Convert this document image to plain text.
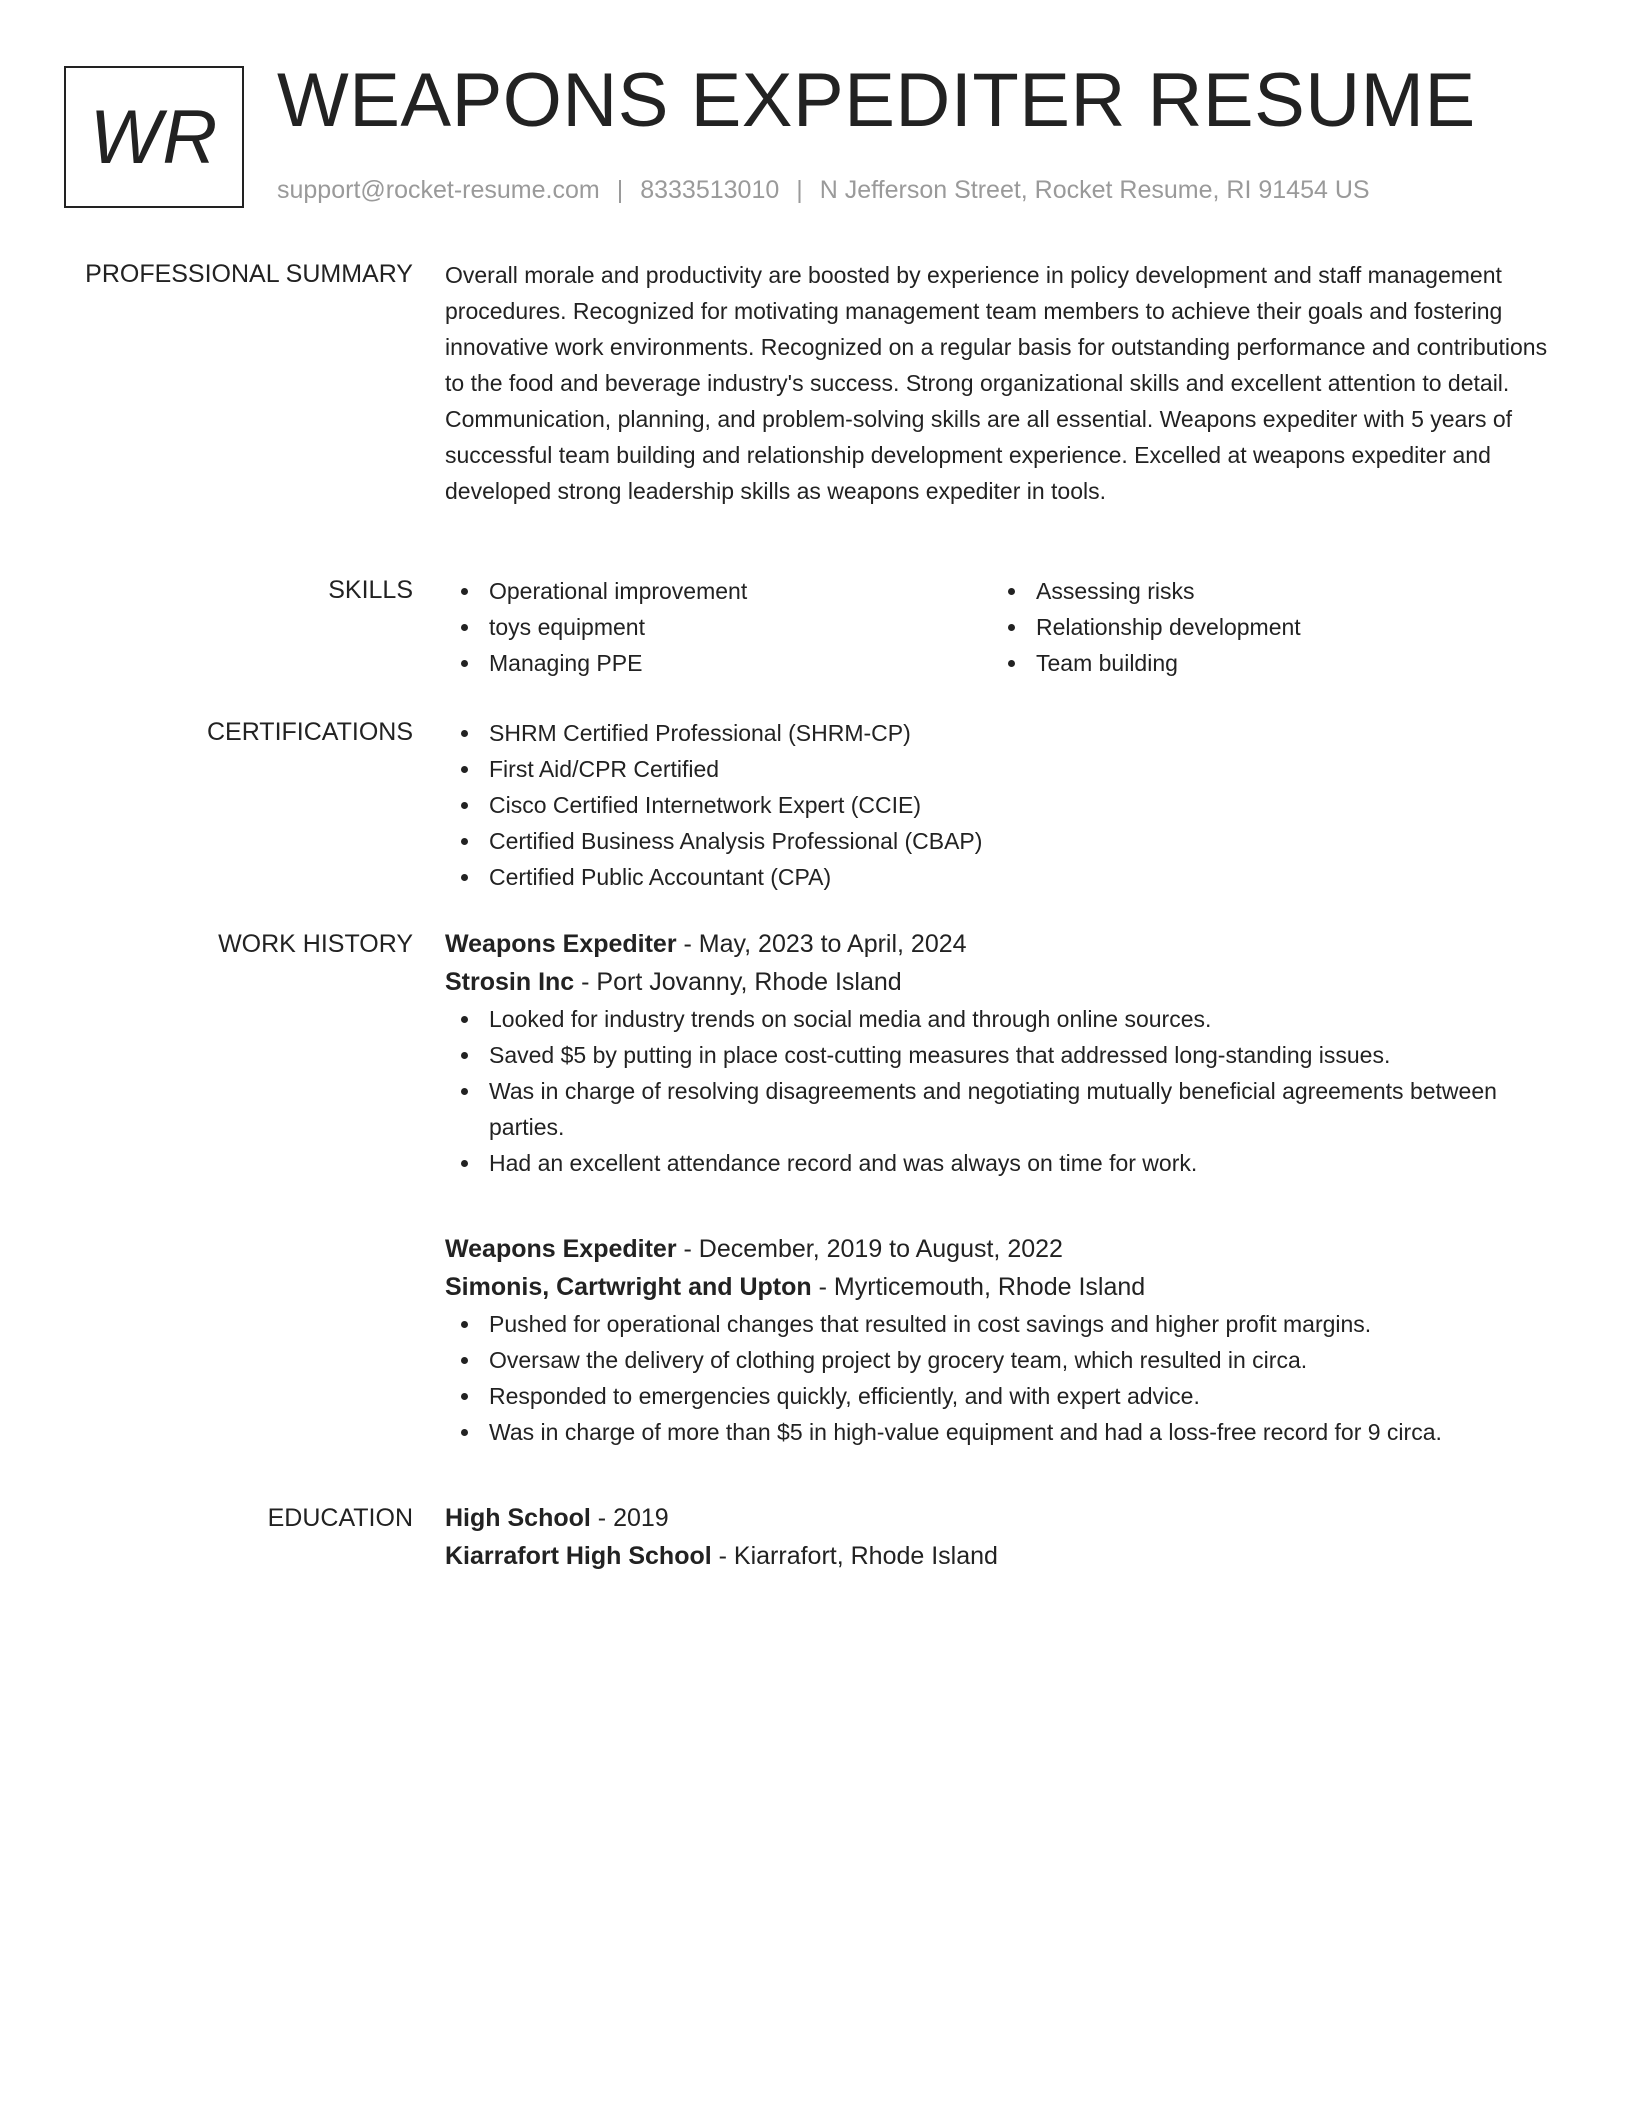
WR WEAPONS EXPEDITER RESUME
support@rocket-resume.com | 8333513010 | N Jefferson Street, Rocket Resume, RI 91454 US
PROFESSIONAL SUMMARY Overall morale and productivity are boosted by experience in policy development and staff management procedures. Recognized for motivating management team members to achieve their goals and fostering innovative work environments. Recognized on a regular basis for outstanding performance and contributions to the food and beverage industry's success. Strong organizational skills and excellent attention to detail. Communication, planning, and problem-solving skills are all essential. Weapons expediter with 5 years of successful team building and relationship development experience. Excelled at weapons expediter and developed strong leadership skills as weapons expediter in tools.

SKILLS	Operational improvement
toys equipment
Managing PPE
Assessing risks
Relationship development
Team building
CERTIFICATIONS	SHRM Certified Professional (SHRM-CP)
First Aid/CPR Certified
Cisco Certified Internetwork Expert (CCIE)
Certified Business Analysis Professional (CBAP)
Certified Public Accountant (CPA)
WORK HISTORY Weapons Expediter - May, 2023 to April, 2024
Strosin Inc - Port Jovanny, Rhode Island
Looked for industry trends on social media and through online sources.
Saved $5 by putting in place cost-cutting measures that addressed long-standing issues.
Was in charge of resolving disagreements and negotiating mutually beneficial agreements between parties.
Had an excellent attendance record and was always on time for work.
Weapons Expediter - December, 2019 to August, 2022
Simonis, Cartwright and Upton - Myrticemouth, Rhode Island
Pushed for operational changes that resulted in cost savings and higher profit margins.
Oversaw the delivery of clothing project by grocery team, which resulted in circa.
Responded to emergencies quickly, efficiently, and with expert advice.
Was in charge of more than $5 in high-value equipment and had a loss-free record for 9 circa.
EDUCATION High School - 2019
Kiarrafort High School - Kiarrafort, Rhode Island
